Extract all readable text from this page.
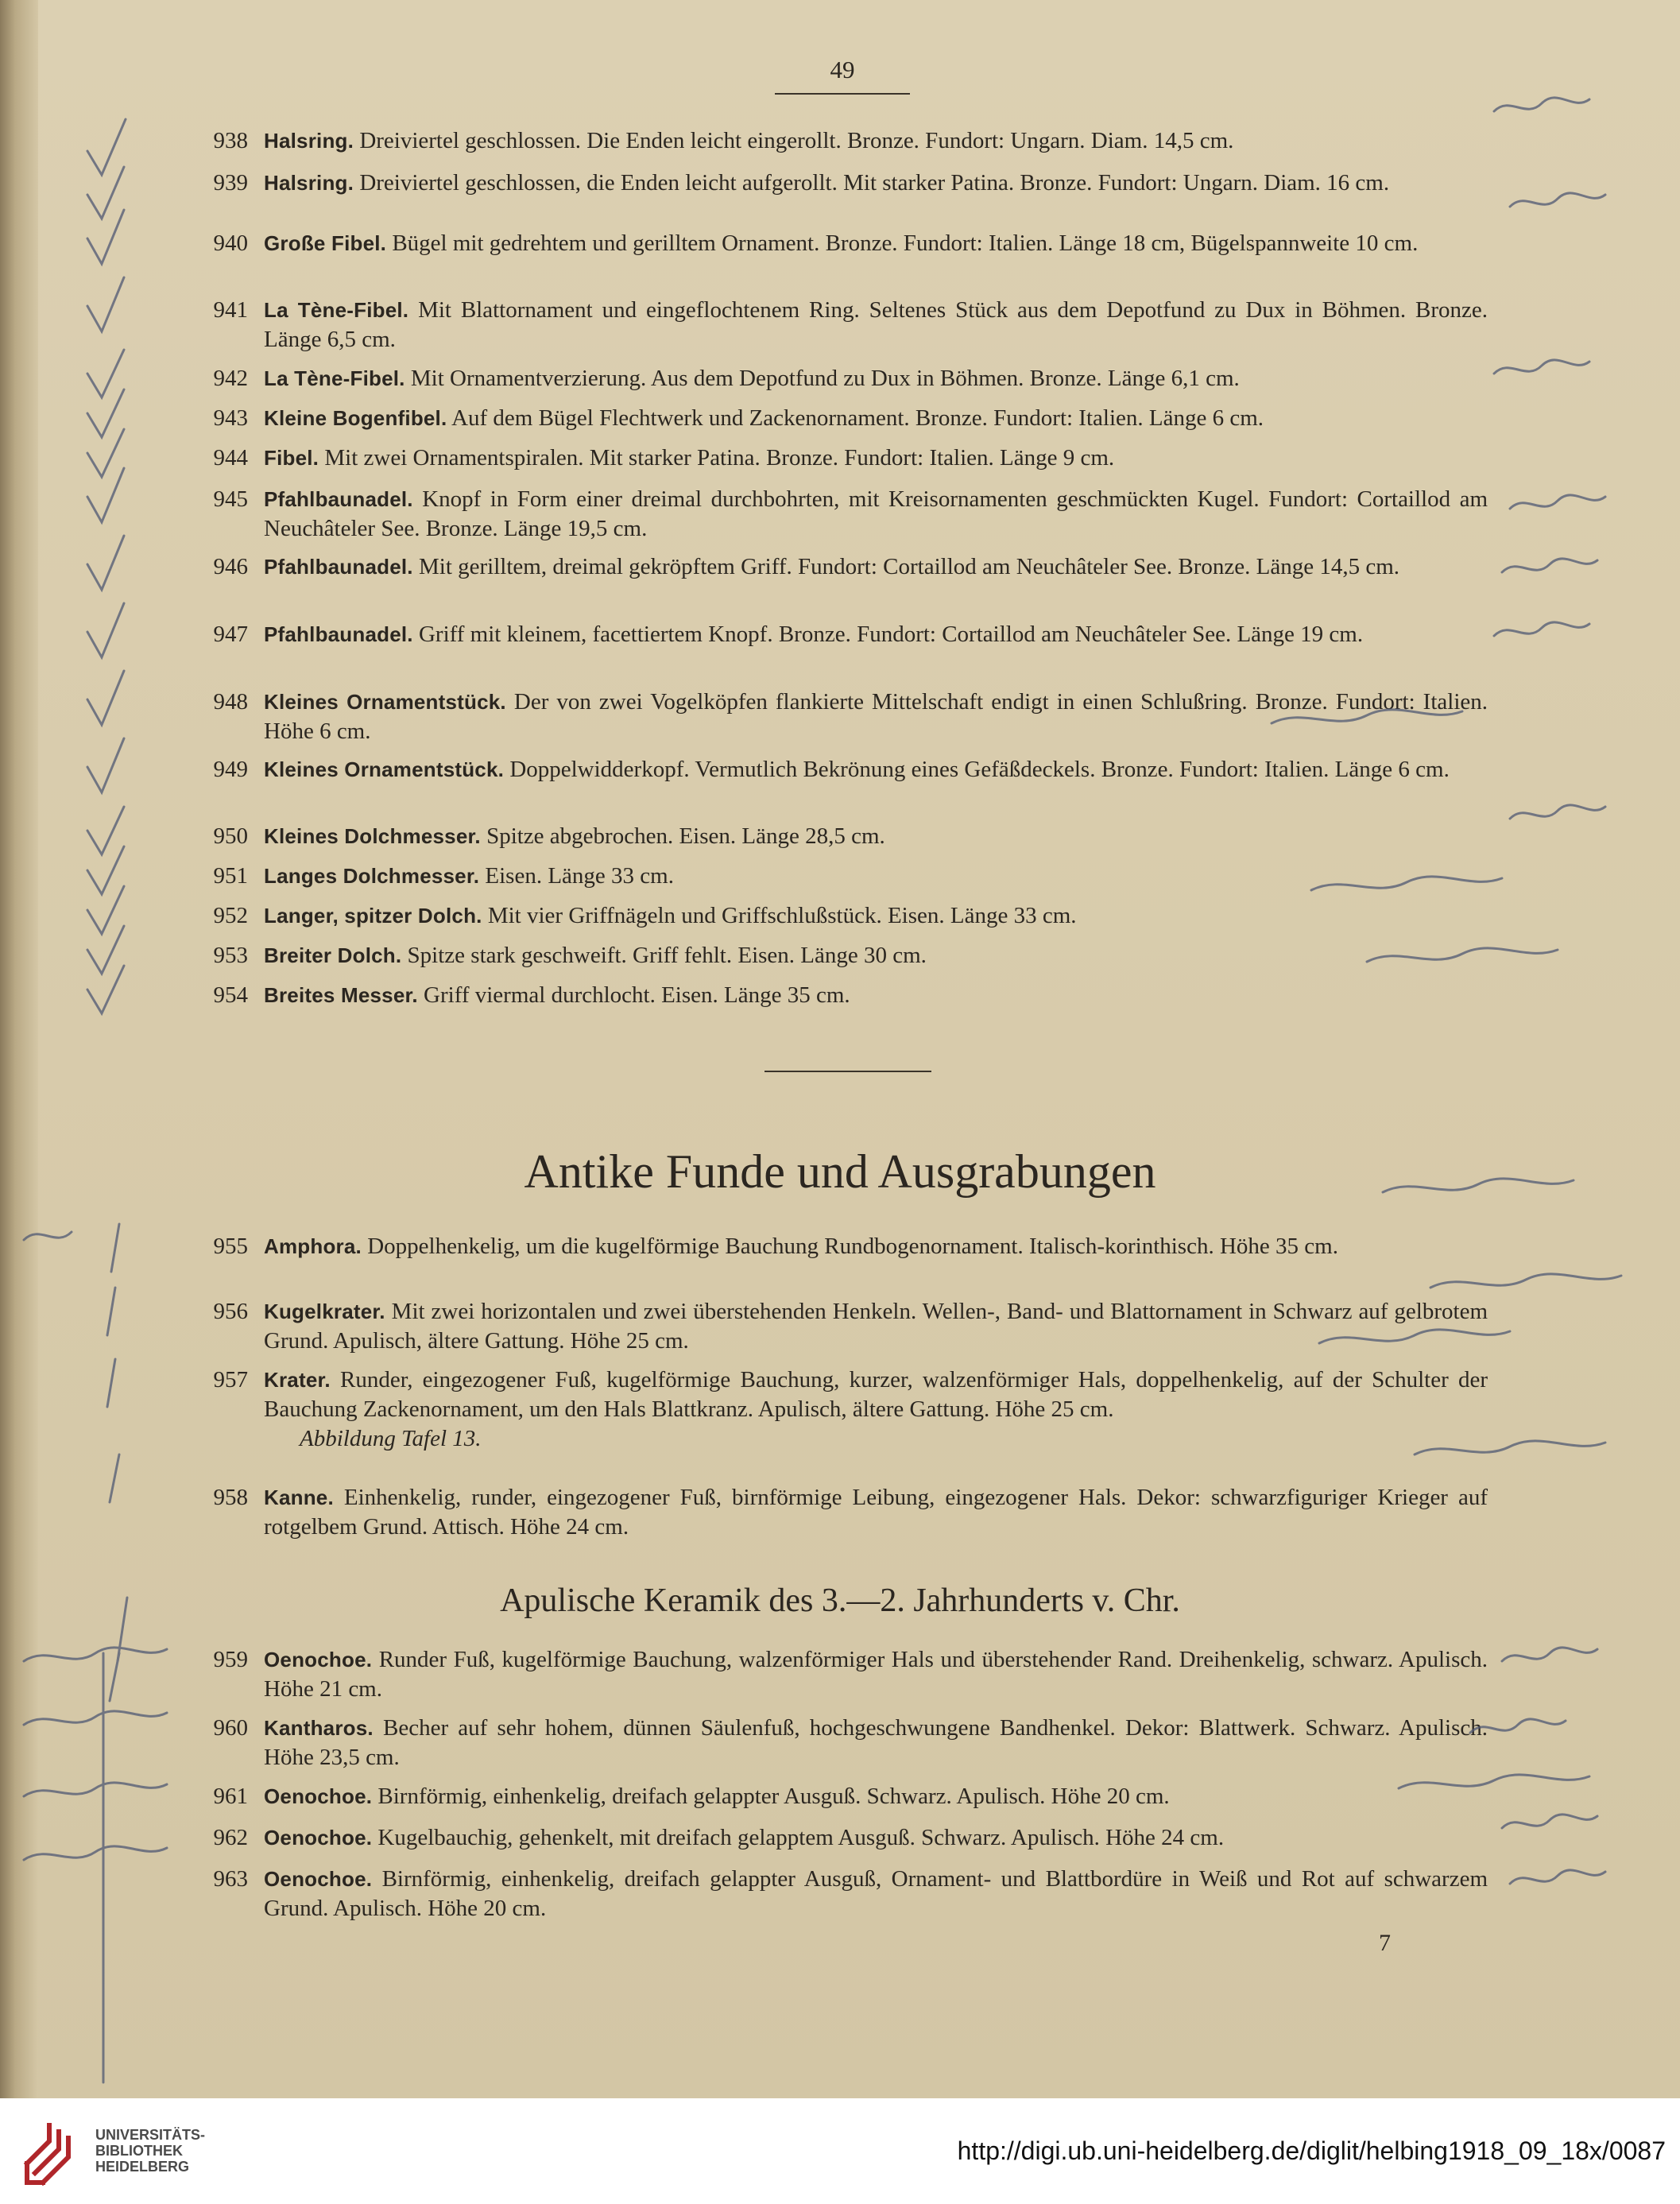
49
938 Halsring. Dreiviertel geschlossen. Die Enden leicht eingerollt. Bronze. Fundort: Ungarn. Diam. 14,5 cm.
939 Halsring. Dreiviertel geschlossen, die Enden leicht aufgerollt. Mit starker Patina. Bronze. Fundort: Ungarn. Diam. 16 cm.
940 Große Fibel. Bügel mit gedrehtem und gerilltem Ornament. Bronze. Fundort: Italien. Länge 18 cm, Bügelspannweite 10 cm.
941 La Tène-Fibel. Mit Blattornament und eingeflochtenem Ring. Seltenes Stück aus dem Depotfund zu Dux in Böhmen. Bronze. Länge 6,5 cm.
942 La Tène-Fibel. Mit Ornamentverzierung. Aus dem Depotfund zu Dux in Böhmen. Bronze. Länge 6,1 cm.
943 Kleine Bogenfibel. Auf dem Bügel Flechtwerk und Zackenornament. Bronze. Fundort: Italien. Länge 6 cm.
944 Fibel. Mit zwei Ornamentspiralen. Mit starker Patina. Bronze. Fundort: Italien. Länge 9 cm.
945 Pfahlbaunadel. Knopf in Form einer dreimal durchbohrten, mit Kreisornamenten geschmückten Kugel. Fundort: Cortaillod am Neuchâteler See. Bronze. Länge 19,5 cm.
946 Pfahlbaunadel. Mit gerilltem, dreimal gekröpftem Griff. Fundort: Cortaillod am Neuchâteler See. Bronze. Länge 14,5 cm.
947 Pfahlbaunadel. Griff mit kleinem, facettiertem Knopf. Bronze. Fundort: Cortaillod am Neuchâteler See. Länge 19 cm.
948 Kleines Ornamentstück. Der von zwei Vogelköpfen flankierte Mittelschaft endigt in einen Schlußring. Bronze. Fundort: Italien. Höhe 6 cm.
949 Kleines Ornamentstück. Doppelwidderkopf. Vermutlich Bekrönung eines Gefäßdeckels. Bronze. Fundort: Italien. Länge 6 cm.
950 Kleines Dolchmesser. Spitze abgebrochen. Eisen. Länge 28,5 cm.
951 Langes Dolchmesser. Eisen. Länge 33 cm.
952 Langer, spitzer Dolch. Mit vier Griffnägeln und Griffschlußstück. Eisen. Länge 33 cm.
953 Breiter Dolch. Spitze stark geschweift. Griff fehlt. Eisen. Länge 30 cm.
954 Breites Messer. Griff viermal durchlocht. Eisen. Länge 35 cm.
Antike Funde und Ausgrabungen
955 Amphora. Doppelhenkelig, um die kugelförmige Bauchung Rundbogenornament. Italisch-korinthisch. Höhe 35 cm.
956 Kugelkrater. Mit zwei horizontalen und zwei überstehenden Henkeln. Wellen-, Band- und Blattornament in Schwarz auf gelbrotem Grund. Apulisch, ältere Gattung. Höhe 25 cm.
957 Krater. Runder, eingezogener Fuß, kugelförmige Bauchung, kurzer, walzenförmiger Hals, doppelhenkelig, auf der Schulter der Bauchung Zackenornament, um den Hals Blattkranz. Apulisch, ältere Gattung. Höhe 25 cm.
Abbildung Tafel 13.
958 Kanne. Einhenkelig, runder, eingezogener Fuß, birnförmige Leibung, eingezogener Hals. Dekor: schwarzfiguriger Krieger auf rotgelbem Grund. Attisch. Höhe 24 cm.
Apulische Keramik des 3.—2. Jahrhunderts v. Chr.
959 Oenochoe. Runder Fuß, kugelförmige Bauchung, walzenförmiger Hals und überstehender Rand. Dreihenkelig, schwarz. Apulisch. Höhe 21 cm.
960 Kantharos. Becher auf sehr hohem, dünnen Säulenfuß, hochgeschwungene Bandhenkel. Dekor: Blattwerk. Schwarz. Apulisch. Höhe 23,5 cm.
961 Oenochoe. Birnförmig, einhenkelig, dreifach gelappter Ausguß. Schwarz. Apulisch. Höhe 20 cm.
962 Oenochoe. Kugelbauchig, gehenkelt, mit dreifach gelapptem Ausguß. Schwarz. Apulisch. Höhe 24 cm.
963 Oenochoe. Birnförmig, einhenkelig, dreifach gelappter Ausguß, Ornament- und Blattbordüre in Weiß und Rot auf schwarzem Grund. Apulisch. Höhe 20 cm.
7
UNIVERSITÄTS-
BIBLIOTHEK
HEIDELBERG
http://digi.ub.uni-heidelberg.de/diglit/helbing1918_09_18x/0087
